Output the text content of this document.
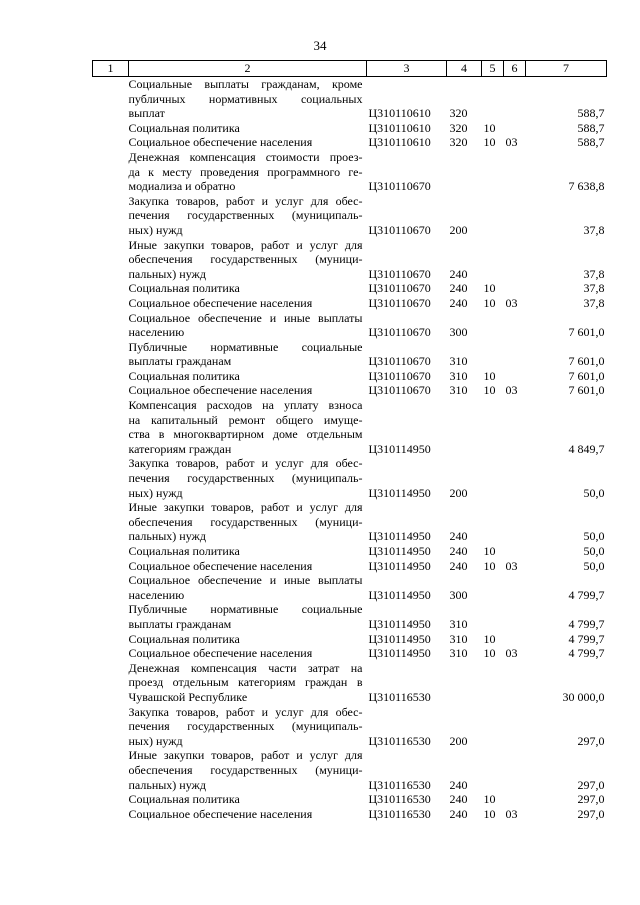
34
1	2	3	4	5	6	7

	Социальные выплаты гражданам, кроме
публичных нормативных социальных
выплат	Ц310110610	320			588,7

	Социальная политика	Ц310110610	320	10		588,7

	Социальное обеспечение населения	Ц310110610	320	10	03	588,7

	Денежная компенсация стоимости проез-
да к месту проведения программного ге-
модиализа и обратно	Ц310110670				7 638,8

	Закупка товаров, работ и услуг для обес-
печения государственных (муниципаль-
ных) нужд	Ц310110670	200			37,8

	Иные закупки товаров, работ и услуг для
обеспечения государственных (муници-
пальных) нужд	Ц310110670	240			37,8

	Социальная политика	Ц310110670	240	10		37,8

	Социальное обеспечение населения	Ц310110670	240	10	03	37,8

	Социальное обеспечение и иные выплаты
населению	Ц310110670	300			7 601,0

	Публичные нормативные социальные
выплаты гражданам	Ц310110670	310			7 601,0

	Социальная политика	Ц310110670	310	10		7 601,0

	Социальное обеспечение населения	Ц310110670	310	10	03	7 601,0

	Компенсация расходов на уплату взноса
на капитальный ремонт общего имуще-
ства в многоквартирном доме отдельным
категориям граждан	Ц310114950				4 849,7

	Закупка товаров, работ и услуг для обес-
печения государственных (муниципаль-
ных) нужд	Ц310114950	200			50,0

	Иные закупки товаров, работ и услуг для
обеспечения государственных (муници-
пальных) нужд	Ц310114950	240			50,0

	Социальная политика	Ц310114950	240	10		50,0

	Социальное обеспечение населения	Ц310114950	240	10	03	50,0

	Социальное обеспечение и иные выплаты
населению	Ц310114950	300			4 799,7

	Публичные нормативные социальные
выплаты гражданам	Ц310114950	310			4 799,7

	Социальная политика	Ц310114950	310	10		4 799,7

	Социальное обеспечение населения	Ц310114950	310	10	03	4 799,7

	Денежная компенсация части затрат на
проезд отдельным категориям граждан в
Чувашской Республике	Ц310116530				30 000,0

	Закупка товаров, работ и услуг для обес-
печения государственных (муниципаль-
ных) нужд	Ц310116530	200			297,0

	Иные закупки товаров, работ и услуг для
обеспечения государственных (муници-
пальных) нужд	Ц310116530	240			297,0

	Социальная политика	Ц310116530	240	10		297,0

	Социальное обеспечение населения	Ц310116530	240	10	03	297,0
